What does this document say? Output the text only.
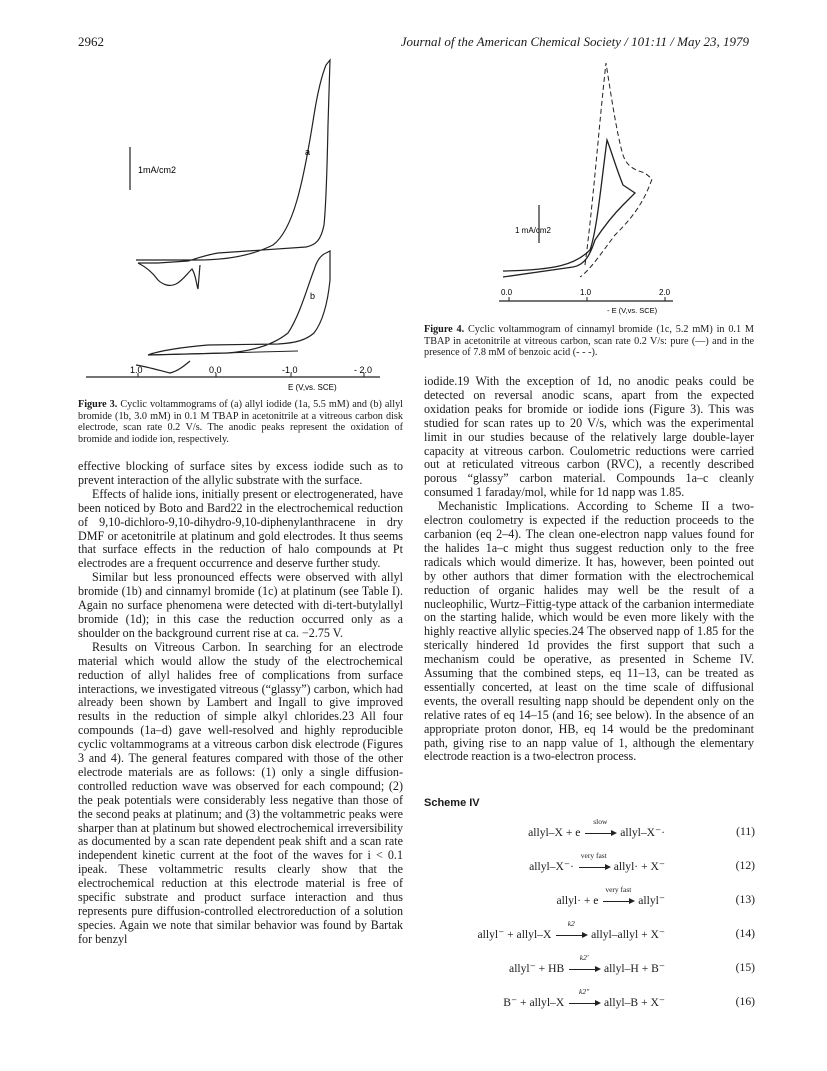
2962	Journal of the American Chemical Society / 101:11 / May 23, 1979
1mA/cm2
a
b
1.0	0.0	-1.0	- 2.0
E (V,vs. SCE)
Figure 3. Cyclic voltammograms of (a) allyl iodide (1a, 5.5 mM) and (b) allyl bromide (1b, 3.0 mM) in 0.1 M TBAP in acetonitrile at a vitreous carbon disk electrode, scan rate 0.2 V/s. The anodic peaks represent the oxidation of bromide and iodide ion, respectively.
1 mA/cm2
0.0	1.0	2.0
- E (V,vs. SCE)
Figure 4. Cyclic voltammogram of cinnamyl bromide (1c, 5.2 mM) in 0.1 M TBAP in acetonitrile at vitreous carbon, scan rate 0.2 V/s: pure (—) and in the presence of 7.8 mM of benzoic acid (- - -).

effective blocking of surface sites by excess iodide such as to prevent interaction of the allylic substrate with the surface.

Effects of halide ions, initially present or electrogenerated, have been noticed by Boto and Bard22 in the electrochemical reduction of 9,10-dichloro-9,10-dihydro-9,10-diphenylanthracene in dry DMF or acetonitrile at platinum and gold electrodes. It thus seems that surface effects in the reduction of halo compounds at Pt electrodes are a frequent occurrence and deserve further study.

Similar but less pronounced effects were observed with allyl bromide (1b) and cinnamyl bromide (1c) at platinum (see Table I). Again no surface phenomena were detected with di-tert-butylallyl bromide (1d); in this case the reduction occurred only as a shoulder on the background current rise at ca. −2.75 V.

Results on Vitreous Carbon. In searching for an electrode material which would allow the study of the electrochemical reduction of allyl halides free of complications from surface interactions, we investigated vitreous (“glassy”) carbon, which had already been shown by Lambert and Ingall to give improved results in the reduction of simple alkyl chlorides.23 All four compounds (1a–d) gave well-resolved and highly reproducible cyclic voltammograms at a vitreous carbon disk electrode (Figures 3 and 4). The general features compared with those of the other electrode materials are as follows: (1) only a single diffusion-controlled reduction wave was observed for each compound; (2) the peak potentials were considerably less negative than those of the second peaks at platinum; and (3) the voltammetric peaks were sharper than at platinum but showed electrochemical irreversibility as documented by a scan rate dependent peak shift and a scan rate independent kinetic current at the foot of the waves for i < 0.1 ipeak. These voltammetric results clearly show that the electrochemical reduction at this electrode material is free of specific substrate and product surface interaction and thus represents pure diffusion-controlled electroreduction of a solution species. Again we note that similar behavior was found by Bartak for benzyl

iodide.19 With the exception of 1d, no anodic peaks could be detected on reversal anodic scans, apart from the expected oxidation peaks for bromide or iodide ions (Figure 3). This was studied for scan rates up to 20 V/s, which was the experimental limit in our studies because of the relatively large double-layer capacity at vitreous carbon. Coulometric reductions were carried out at reticulated vitreous carbon (RVC), a recently described porous “glassy” carbon material. Compounds 1a–c cleanly consumed 1 faraday/mol, while for 1d napp was 1.85.

Mechanistic Implications. According to Scheme II a two-electron coulometry is expected if the reduction proceeds to the carbanion (eq 2–4). The clean one-electron napp values found for the halides 1a–c might thus suggest reduction only to the free radicals which would dimerize. It has, however, been pointed out by other authors that dimer formation with the electrochemical reduction of organic halides may well be the result of a nucleophilic, Wurtz–Fittig-type attack of the carbanion intermediate on the starting halide, which would be even more likely with the highly reactive allylic species.24 The observed napp of 1.85 for the sterically hindered 1d provides the first support that such a mechanism could be operative, as presented in Scheme IV. Assuming that the combined steps, eq 11–13, can be treated as essentially concerted, at least on the time scale of diffusional events, the overall resulting napp should be dependent only on the relative rates of eq 14–15 (and 16; see below). In the absence of an appropriate proton donor, HB, eq 14 would be the predominant path, giving rise to an napp value of 1, although the elementary electrode reaction is a two-electron process.

Scheme IV
allyl–X + e
slow
allyl–X⁻·	(11)
allyl–X⁻·
very fast
allyl· + X⁻	(12)
allyl· + e
very fast
allyl⁻	(13)
allyl⁻ + allyl–X
k2
allyl–allyl + X⁻	(14)
allyl⁻ + HB
k2′
allyl–H + B⁻	(15)
B⁻ + allyl–X
k2″
allyl–B + X⁻	(16)
